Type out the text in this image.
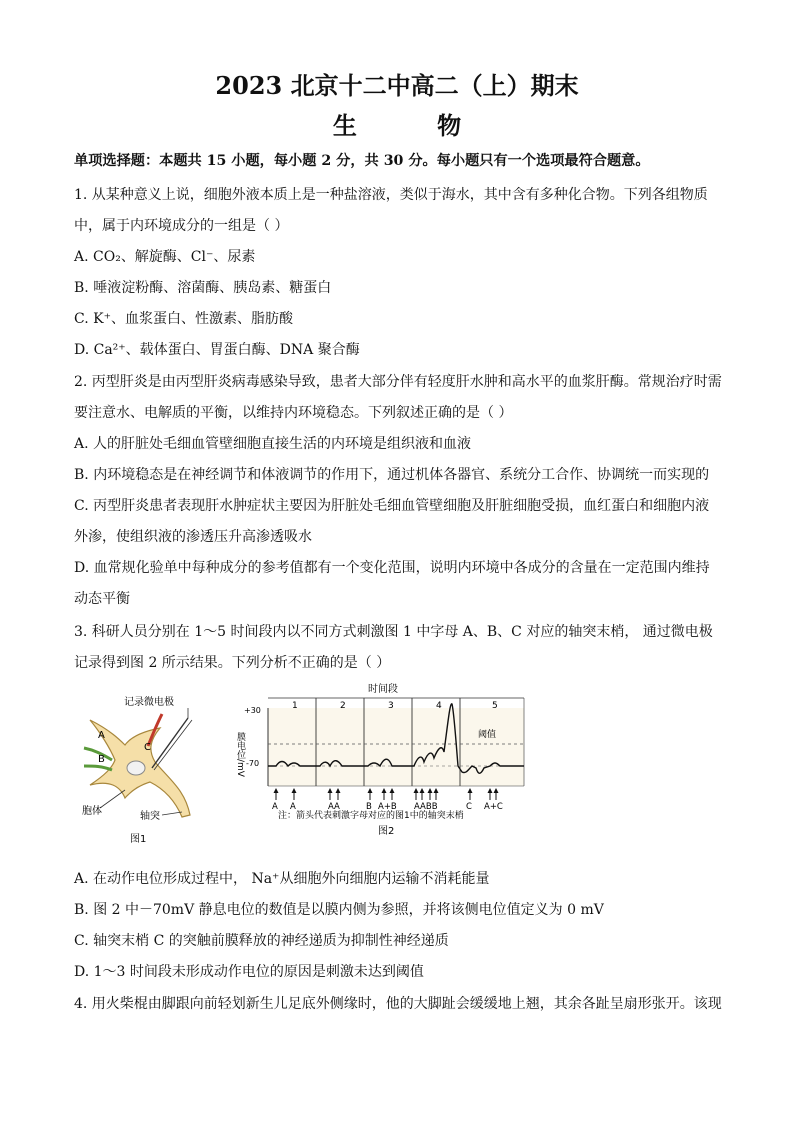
2023 北京十二中高二（上）期末
生 物
单项选择题：本题共 15 小题，每小题 2 分，共 30 分。每小题只有一个选项最符合题意。
1. 从某种意义上说，细胞外液本质上是一种盐溶液，类似于海水，其中含有多种化合物。下列各组物质
中，属于内环境成分的一组是（ ）
A. CO₂、解旋酶、Cl⁻、尿素
B. 唾液淀粉酶、溶菌酶、胰岛素、糖蛋白
C. K⁺、血浆蛋白、性激素、脂肪酸
D. Ca²⁺、载体蛋白、胃蛋白酶、DNA 聚合酶
2. 丙型肝炎是由丙型肝炎病毒感染导致，患者大部分伴有轻度肝水肿和高水平的血浆肝酶。常规治疗时需
要注意水、电解质的平衡，以维持内环境稳态。下列叙述正确的是（ ）
A. 人的肝脏处毛细血管壁细胞直接生活的内环境是组织液和血液
B. 内环境稳态是在神经调节和体液调节的作用下，通过机体各器官、系统分工合作、协调统一而实现的
C. 丙型肝炎患者表现肝水肿症状主要因为肝脏处毛细血管壁细胞及肝脏细胞受损，血红蛋白和细胞内液
外渗，使组织液的渗透压升高渗透吸水
D. 血常规化验单中每种成分的参考值都有一个变化范围，说明内环境中各成分的含量在一定范围内维持
动态平衡
3. 科研人员分别在 1～5 时间段内以不同方式刺激图 1 中字母 A、B、C 对应的轴突末梢， 通过微电极
记录得到图 2 所示结果。下列分析不正确的是（ ）
记录微电极
A
B
C
胞体	轴突
图1
时间段
1	2	3	4	5
+30
-70
膜电位/mV	阈值
A A	AA	B A+B AABB	C A+C
注：箭头代表刺激字母对应的图1中的轴突末梢
图2
A. 在动作电位形成过程中， Na⁺从细胞外向细胞内运输不消耗能量
B. 图 2 中－70mV 静息电位的数值是以膜内侧为参照，并将该侧电位值定义为 0 mV
C. 轴突末梢 C 的突触前膜释放的神经递质为抑制性神经递质
D. 1～3 时间段未形成动作电位的原因是刺激未达到阈值
4. 用火柴棍由脚跟向前轻划新生儿足底外侧缘时，他的大脚趾会缓缓地上翘，其余各趾呈扇形张开。该现
